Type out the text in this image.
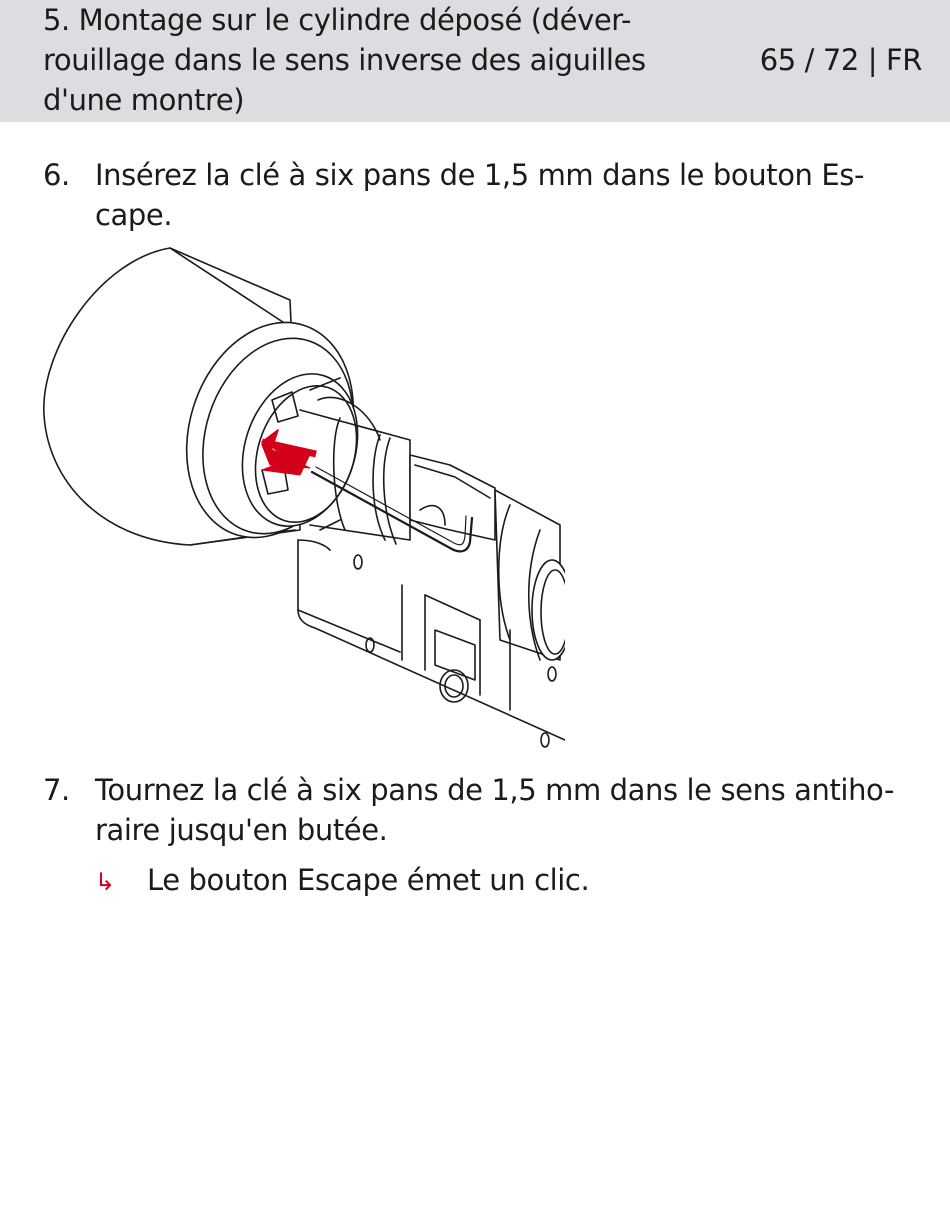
5. Montage sur le cylindre déposé (déver-
rouillage dans le sens inverse des aiguilles
d'une montre)
65 / 72 | FR
6. Insérez la clé à six pans de 1,5 mm dans le bouton Es-
cape.
7. Tournez la clé à six pans de 1,5 mm dans le sens antiho-
raire jusqu'en butée.
↳ Le bouton Escape émet un clic.
